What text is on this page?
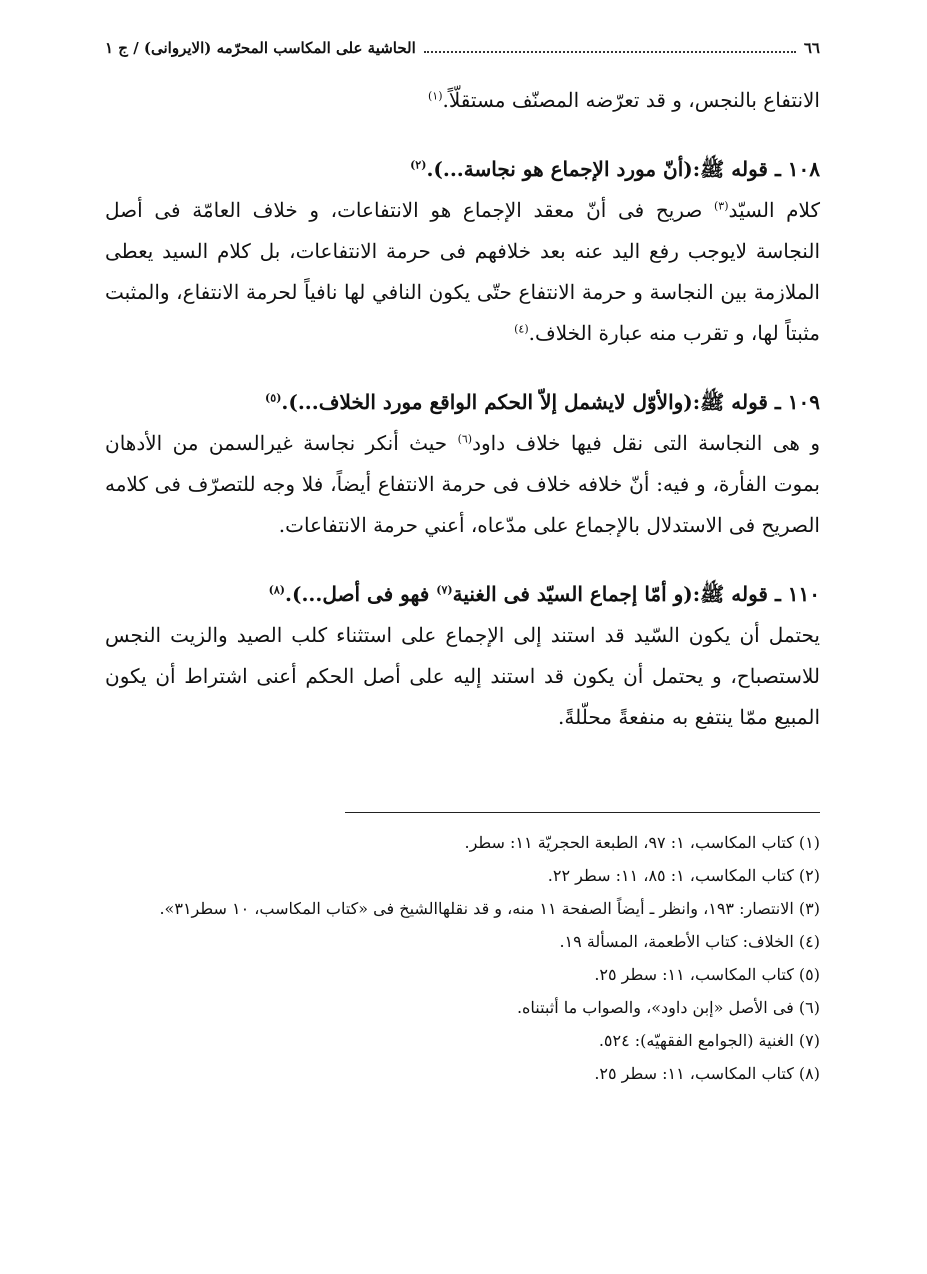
٦٦
الحاشية على المكاسب المحرّمه (الايروانى) / ج ١

الانتفاع بالنجس، و قد تعرّضه المصنّف مستقلّاً.$^{(١)}$

١٠٨ ـ قوله ﷺ:(أنّ مورد الإجماع هو نجاسة...).$^{(٢)}$

كلام السيّد$^{(٣)}$ صريح فى أنّ معقد الإجماع هو الانتفاعات، و خلاف العامّة فى أصل النجاسة لايوجب رفع اليد عنه بعد خلافهم فى حرمة الانتفاعات، بل كلام السيد يعطى الملازمة بين النجاسة و حرمة الانتفاع حتّى يكون النافي لها نافياً لحرمة الانتفاع، والمثبت مثبتاً لها، و تقرب منه عبارة الخلاف.$^{(٤)}$

١٠٩ ـ قوله ﷺ:(والأوّل لايشمل إلاّ الحكم الواقع مورد الخلاف...).$^{(٥)}$

و هى النجاسة التى نقل فيها خلاف داود$^{(٦)}$ حيث أنكر نجاسة غيرالسمن من الأدهان بموت الفأرة، و فيه: أنّ خلافه خلاف فى حرمة الانتفاع أيضاً، فلا وجه للتصرّف فى كلامه الصريح فى الاستدلال بالإجماع على مدّعاه، أعني حرمة الانتفاعات.

١١٠ ـ قوله ﷺ:(و أمّا إجماع السيّد فى الغنية$^{(٧)}$ فهو فى أصل...).$^{(٨)}$

يحتمل أن يكون السّيد قد استند إلى الإجماع على استثناء كلب الصيد والزيت النجس للاستصباح، و يحتمل أن يكون قد استند إليه على أصل الحكم أعنى اشتراط أن يكون المبيع ممّا ينتفع به منفعةً محلّلةً.

(١) كتاب المكاسب، ١: ٩٧، الطبعة الحجريّة ١١: سطر.
(٢) كتاب المكاسب، ١: ٨٥، ١١: سطر ٢٢.
(٣) الانتصار: ١٩٣، وانظر ـ أيضاً الصفحة ١١ منه، و قد نقلهاالشيخ فى «كتاب المكاسب، ١٠ سطر٣١».
(٤) الخلاف: كتاب الأطعمة، المسألة ١٩.
(٥) كتاب المكاسب، ١١: سطر ٢٥.
(٦) فى الأصل «إبن داود»، والصواب ما أثبتناه.
(٧) الغنية (الجوامع الفقهيّه): ٥٢٤.
(٨) كتاب المكاسب، ١١: سطر ٢٥.
